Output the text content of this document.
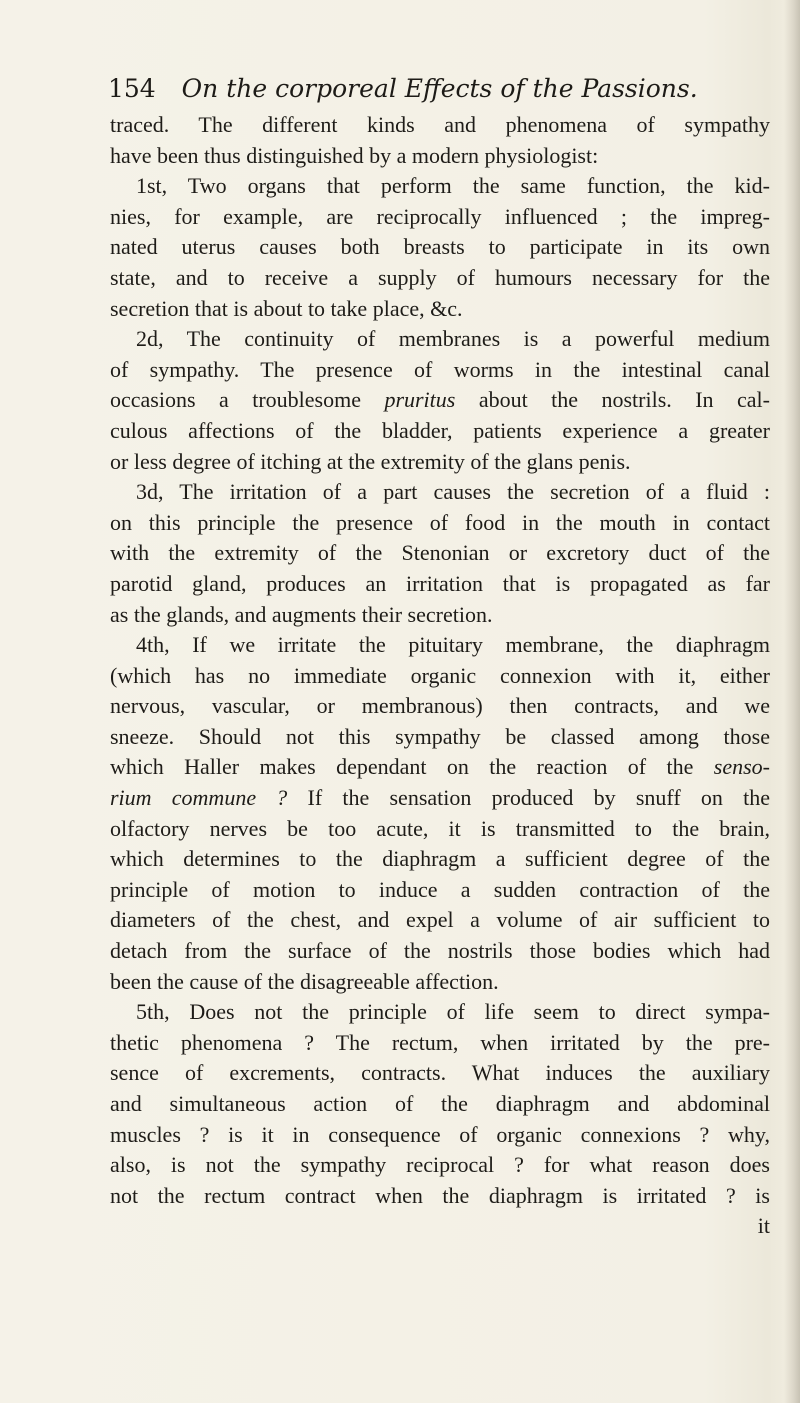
154 On the corporeal Effects of the Passions.
traced. The different kinds and phenomena of sympathy
have been thus distinguished by a modern physiologist:
1st, Two organs that perform the same function, the kid-
nies, for example, are reciprocally influenced ; the impreg-
nated uterus causes both breasts to participate in its own
state, and to receive a supply of humours necessary for the
secretion that is about to take place, &c.
2d, The continuity of membranes is a powerful medium
of sympathy. The presence of worms in the intestinal canal
occasions a troublesome pruritus about the nostrils. In cal-
culous affections of the bladder, patients experience a greater
or less degree of itching at the extremity of the glans penis.
3d, The irritation of a part causes the secretion of a fluid :
on this principle the presence of food in the mouth in contact
with the extremity of the Stenonian or excretory duct of the
parotid gland, produces an irritation that is propagated as far
as the glands, and augments their secretion.
4th, If we irritate the pituitary membrane, the diaphragm
(which has no immediate organic connexion with it, either
nervous, vascular, or membranous) then contracts, and we
sneeze. Should not this sympathy be classed among those
which Haller makes dependant on the reaction of the senso-
rium commune ? If the sensation produced by snuff on the
olfactory nerves be too acute, it is transmitted to the brain,
which determines to the diaphragm a sufficient degree of the
principle of motion to induce a sudden contraction of the
diameters of the chest, and expel a volume of air sufficient to
detach from the surface of the nostrils those bodies which had
been the cause of the disagreeable affection.
5th, Does not the principle of life seem to direct sympa-
thetic phenomena ? The rectum, when irritated by the pre-
sence of excrements, contracts. What induces the auxiliary
and simultaneous action of the diaphragm and abdominal
muscles ? is it in consequence of organic connexions ? why,
also, is not the sympathy reciprocal ? for what reason does
not the rectum contract when the diaphragm is irritated ? is
it
